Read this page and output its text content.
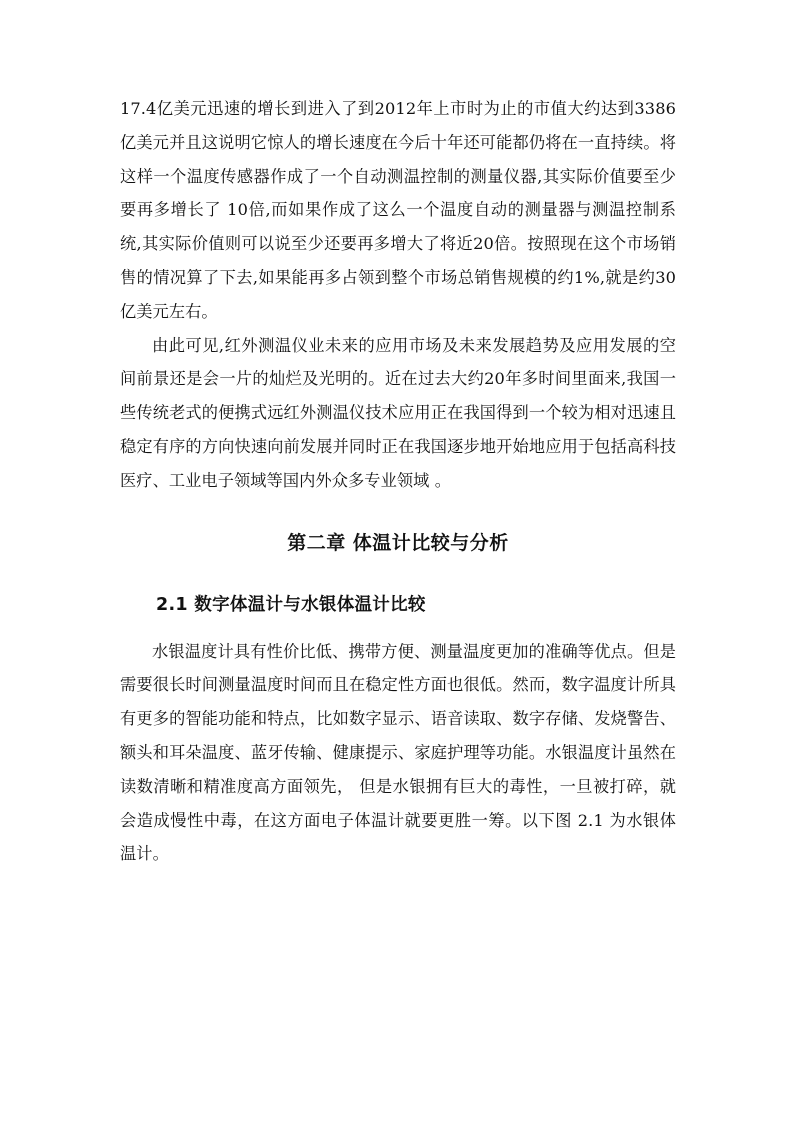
17.4亿美元迅速的增长到进入了到2012年上市时为止的市值大约达到3386亿美元并且这说明它惊人的增长速度在今后十年还可能都仍将在一直持续。将这样一个温度传感器作成了一个自动测温控制的测量仪器,其实际价值要至少要再多增长了 10倍,而如果作成了这么一个温度自动的测量器与测温控制系统,其实际价值则可以说至少还要再多增大了将近20倍。按照现在这个市场销售的情况算了下去,如果能再多占领到整个市场总销售规模的约1%,就是约30亿美元左右。

由此可见,红外测温仪业未来的应用市场及未来发展趋势及应用发展的空间前景还是会一片的灿烂及光明的。近在过去大约20年多时间里面来,我国一些传统老式的便携式远红外测温仪技术应用正在我国得到一个较为相对迅速且稳定有序的方向快速向前发展并同时正在我国逐步地开始地应用于包括高科技医疗、工业电子领域等国内外众多专业领域 。

第二章 体温计比较与分析
2.1 数字体温计与水银体温计比较

水银温度计具有性价比低、携带方便、测量温度更加的准确等优点。但是需要很长时间测量温度时间而且在稳定性方面也很低。然而，数字温度计所具有更多的智能功能和特点，比如数字显示、语音读取、数字存储、发烧警告、额头和耳朵温度、蓝牙传输、健康提示、家庭护理等功能。水银温度计虽然在读数清晰和精准度高方面领先， 但是水银拥有巨大的毒性，一旦被打碎，就会造成慢性中毒，在这方面电子体温计就要更胜一筹。以下图 2.1 为水银体温计。
